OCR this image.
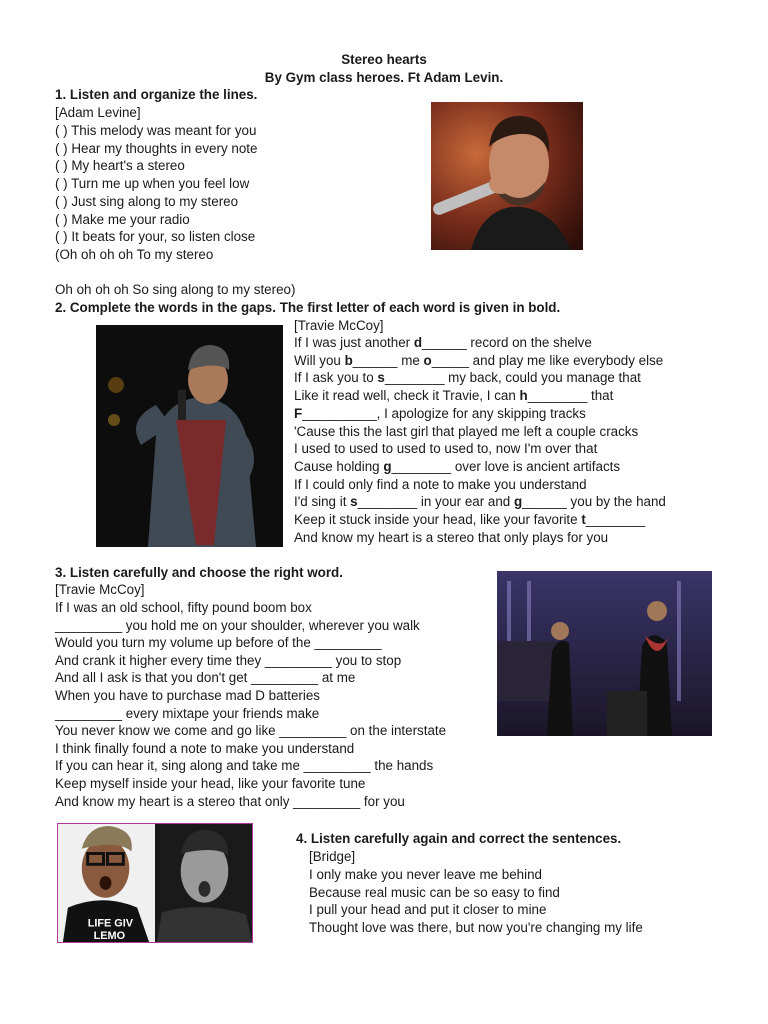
Stereo hearts
By Gym class heroes. Ft Adam Levin.
1. Listen and organize the lines.
[Adam Levine]
( ) This melody was meant for you
( ) Hear my thoughts in every note
( ) My heart's a stereo
( ) Turn me up when you feel low
( ) Just sing along to my stereo
( ) Make me your radio
( ) It beats for your, so listen close
(Oh oh oh oh To my stereo
Oh oh oh oh So sing along to my stereo)
2. Complete the words in the gaps. The first letter of each word is given in bold.
[Travie McCoy]
If I was just another d______ record on the shelve
Will you b______ me o_____ and play me like everybody else
If I ask you to s________ my back, could you manage that
Like it read well, check it Travie, I can h________ that
F__________, I apologize for any skipping tracks
'Cause this the last girl that played me left a couple cracks
I used to used to used to used to, now I'm over that
Cause holding g________ over love is ancient artifacts
If I could only find a note to make you understand
I'd sing it s________ in your ear and g______ you by the hand
Keep it stuck inside your head, like your favorite t________
And know my heart is a stereo that only plays for you
3. Listen carefully and choose the right word.
[Travie McCoy]
If I was an old school, fifty pound boom box
_________ you hold me on your shoulder, wherever you walk
Would you turn my volume up before of the _________
And crank it higher every time they _________ you to stop
And all I ask is that you don't get _________ at me
When you have to purchase mad D batteries
_________ every mixtape your friends make
You never know we come and go like _________ on the interstate
I think finally found a note to make you understand
If you can hear it, sing along and take me _________ the hands
Keep myself inside your head, like your favorite tune
And know my heart is a stereo that only _________ for you
LIFE GIV
LEMO
4. Listen carefully again and correct the sentences.
[Bridge]
I only make you never leave me behind
Because real music can be so easy to find
I pull your head and put it closer to mine
Thought love was there, but now you're changing my life
